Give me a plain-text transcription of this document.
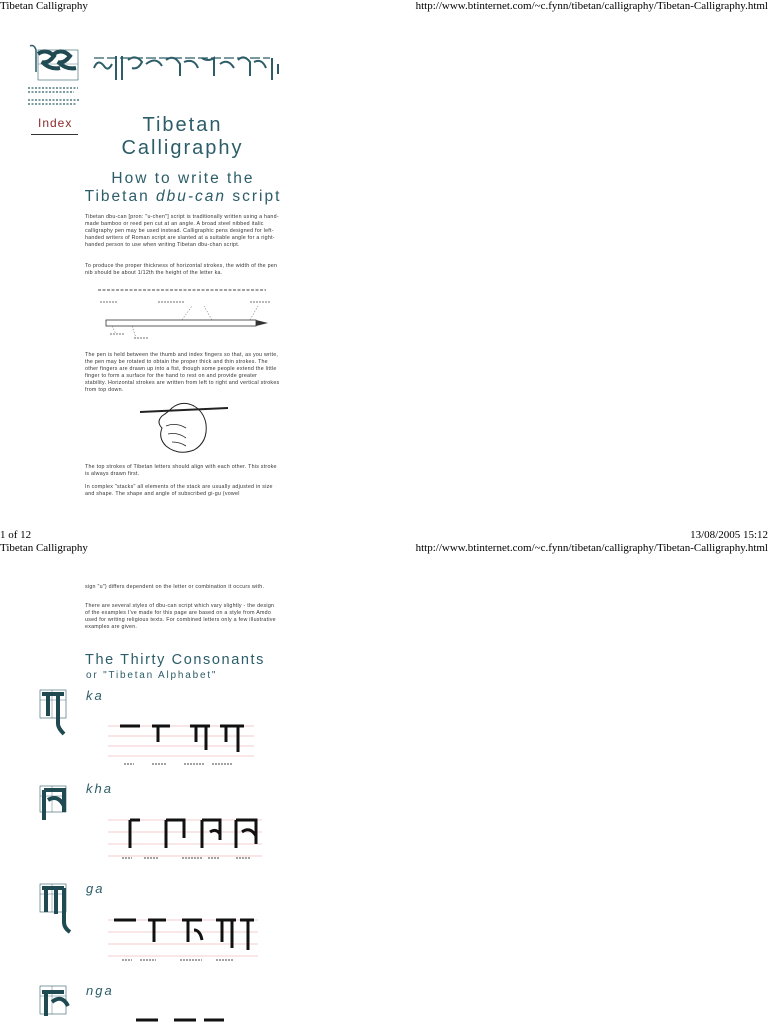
Tibetan Calligraphy	http://www.btinternet.com/~c.fynn/tibetan/calligraphy/Tibetan-Calligraphy.html
Index	Tibetan
Calligraphy
How to write the
Tibetan dbu-can script
Tibetan dbu-can [pron: "u-chen"] script is traditionally written using a hand-made bamboo or reed pen cut at an angle. A broad steel nibbed italic calligraphy pen may be used instead. Calligraphic pens designed for left-handed writers of Roman script are slanted at a suitable angle for a right-handed person to use when writing Tibetan dbu-chan script.
To produce the proper thickness of horizontal strokes, the width of the pen nib should be about 1/12th the height of the letter ka.
The pen is held between the thumb and index fingers so that, as you write, the pen may be rotated to obtain the proper thick and thin strokes. The other fingers are drawn up into a fist, though some people extend the little finger to form a surface for the hand to rest on and provide greater stability. Horizontal strokes are written from left to right and vertical strokes from top down.
The top strokes of Tibetan letters should align with each other. This stroke is always drawn first.
In complex "stacks" all elements of the stack are usually adjusted in size and shape. The shape and angle of subscribed gi-gu (vowel
1 of 12	13/08/2005 15:12
Tibetan Calligraphy	http://www.btinternet.com/~c.fynn/tibetan/calligraphy/Tibetan-Calligraphy.html
sign "u") differs dependent on the letter or combination it occurs with.
There are several styles of dbu-can script which vary slightly - the design of the examples I've made for this page are based on a style from Amdo used for writing religious texts. For combined letters only a few illustrative examples are given.
The Thirty Consonants
or "Tibetan Alphabet"
ka
kha
ga
nga
